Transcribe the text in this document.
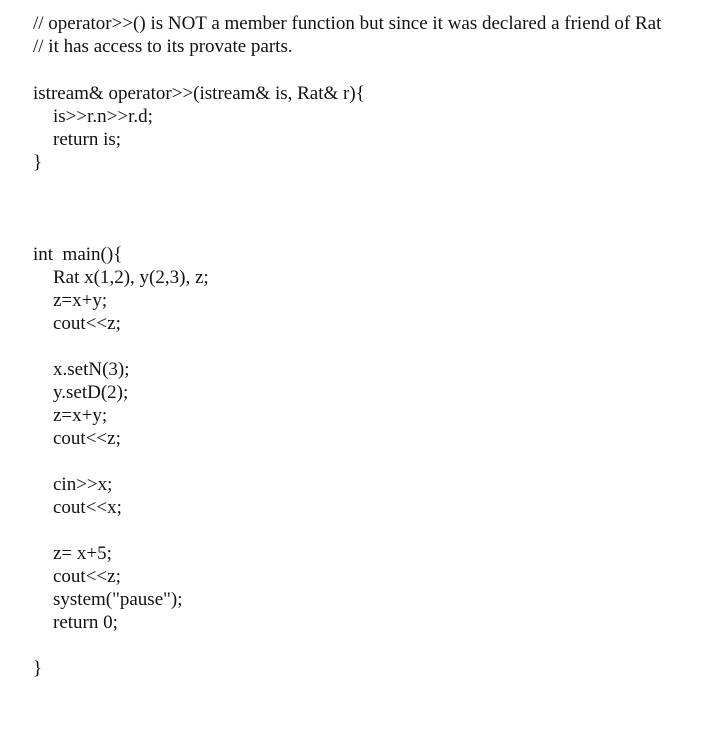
// operator>>() is NOT a member function but since it was declared a friend of Rat
// it has access to its provate parts.
istream& operator>>(istream& is, Rat& r){
is>>r.n>>r.d;
return is;
}
int  main(){
Rat x(1,2), y(2,3), z;
z=x+y;
cout<<z;
x.setN(3);
y.setD(2);
z=x+y;
cout<<z;
cin>>x;
cout<<x;
z= x+5;
cout<<z;
system("pause");
return 0;
}
